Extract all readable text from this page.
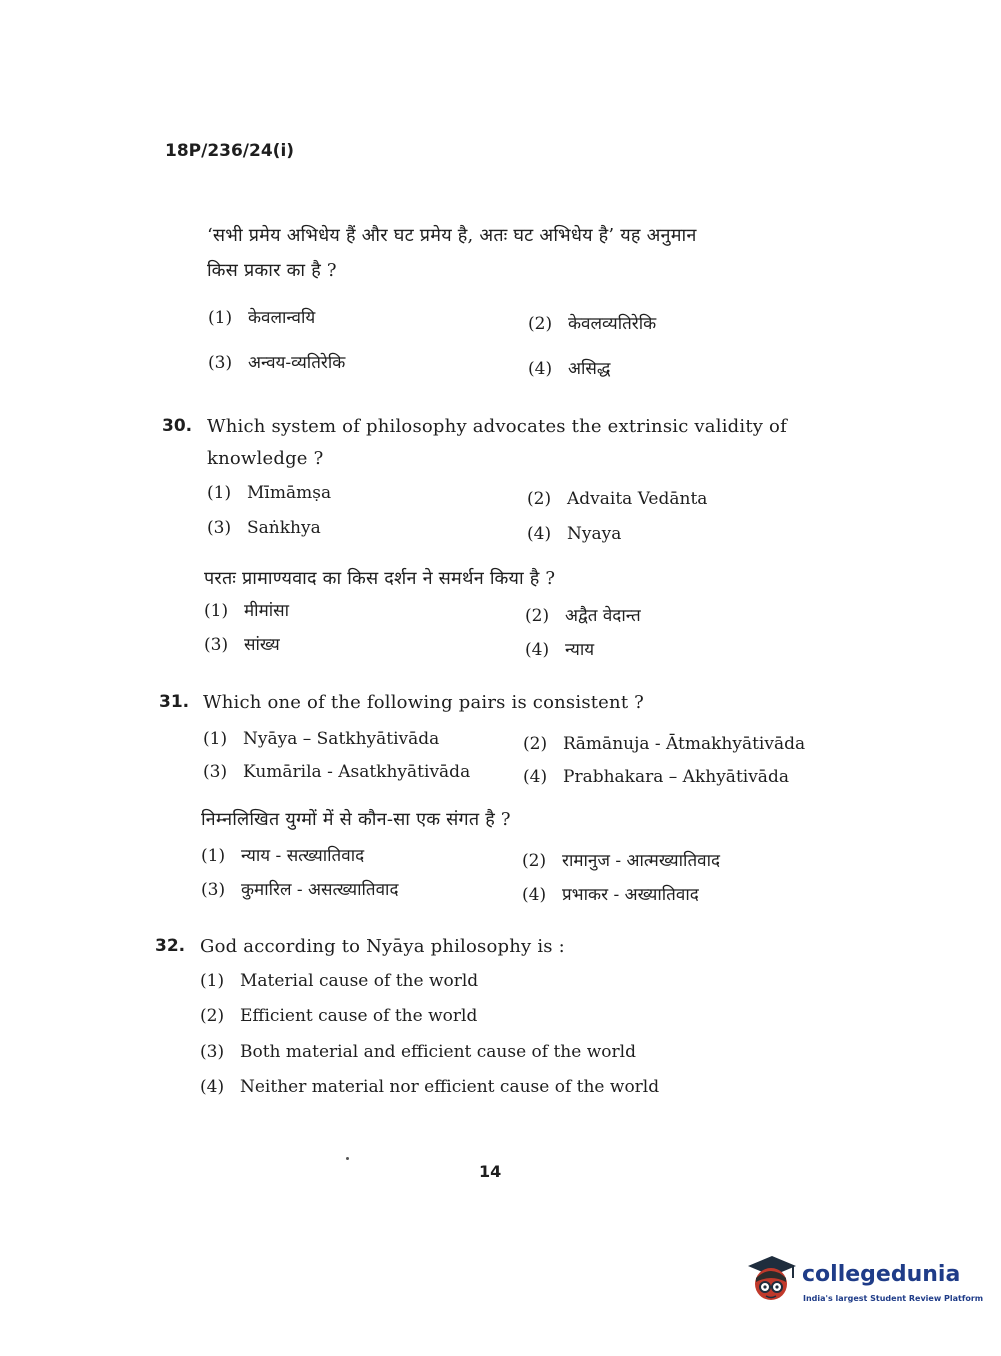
18P/236/24(i)
‘सभी प्रमेय अभिधेय हैं और घट प्रमेय है, अतः घट अभिधेय है’ यह अनुमान
किस प्रकार का है ?
(1) केवलान्वयि	(2) केवलव्यतिरेकि
(3) अन्वय-व्यतिरेकि	(4) असिद्ध
30. Which system of philosophy advocates the extrinsic validity of
knowledge ?
(1) Mīmāmṣa	(2) Advaita Vedānta
(3) Saṅkhya	(4) Nyaya
परतः प्रामाण्यवाद का किस दर्शन ने समर्थन किया है ?
(1) मीमांसा	(2) अद्वैत वेदान्त
(3) सांख्य	(4) न्याय
31. Which one of the following pairs is consistent ?
(1) Nyāya – Satkhyātivāda	(2) Rāmānuja - Ātmakhyātivāda
(3) Kumārila - Asatkhyātivāda	(4) Prabhakara – Akhyātivāda
निम्नलिखित युग्मों में से कौन-सा एक संगत है ?
(1) न्याय - सत्ख्यातिवाद	(2) रामानुज - आत्मख्यातिवाद
(3) कुमारिल - असत्ख्यातिवाद	(4) प्रभाकर - अख्यातिवाद
32. God according to Nyāya philosophy is :
(1) Material cause of the world
(2) Efficient cause of the world
(3) Both material and efficient cause of the world
(4) Neither material nor efficient cause of the world
14
collegedunia
India's largest Student Review Platform
